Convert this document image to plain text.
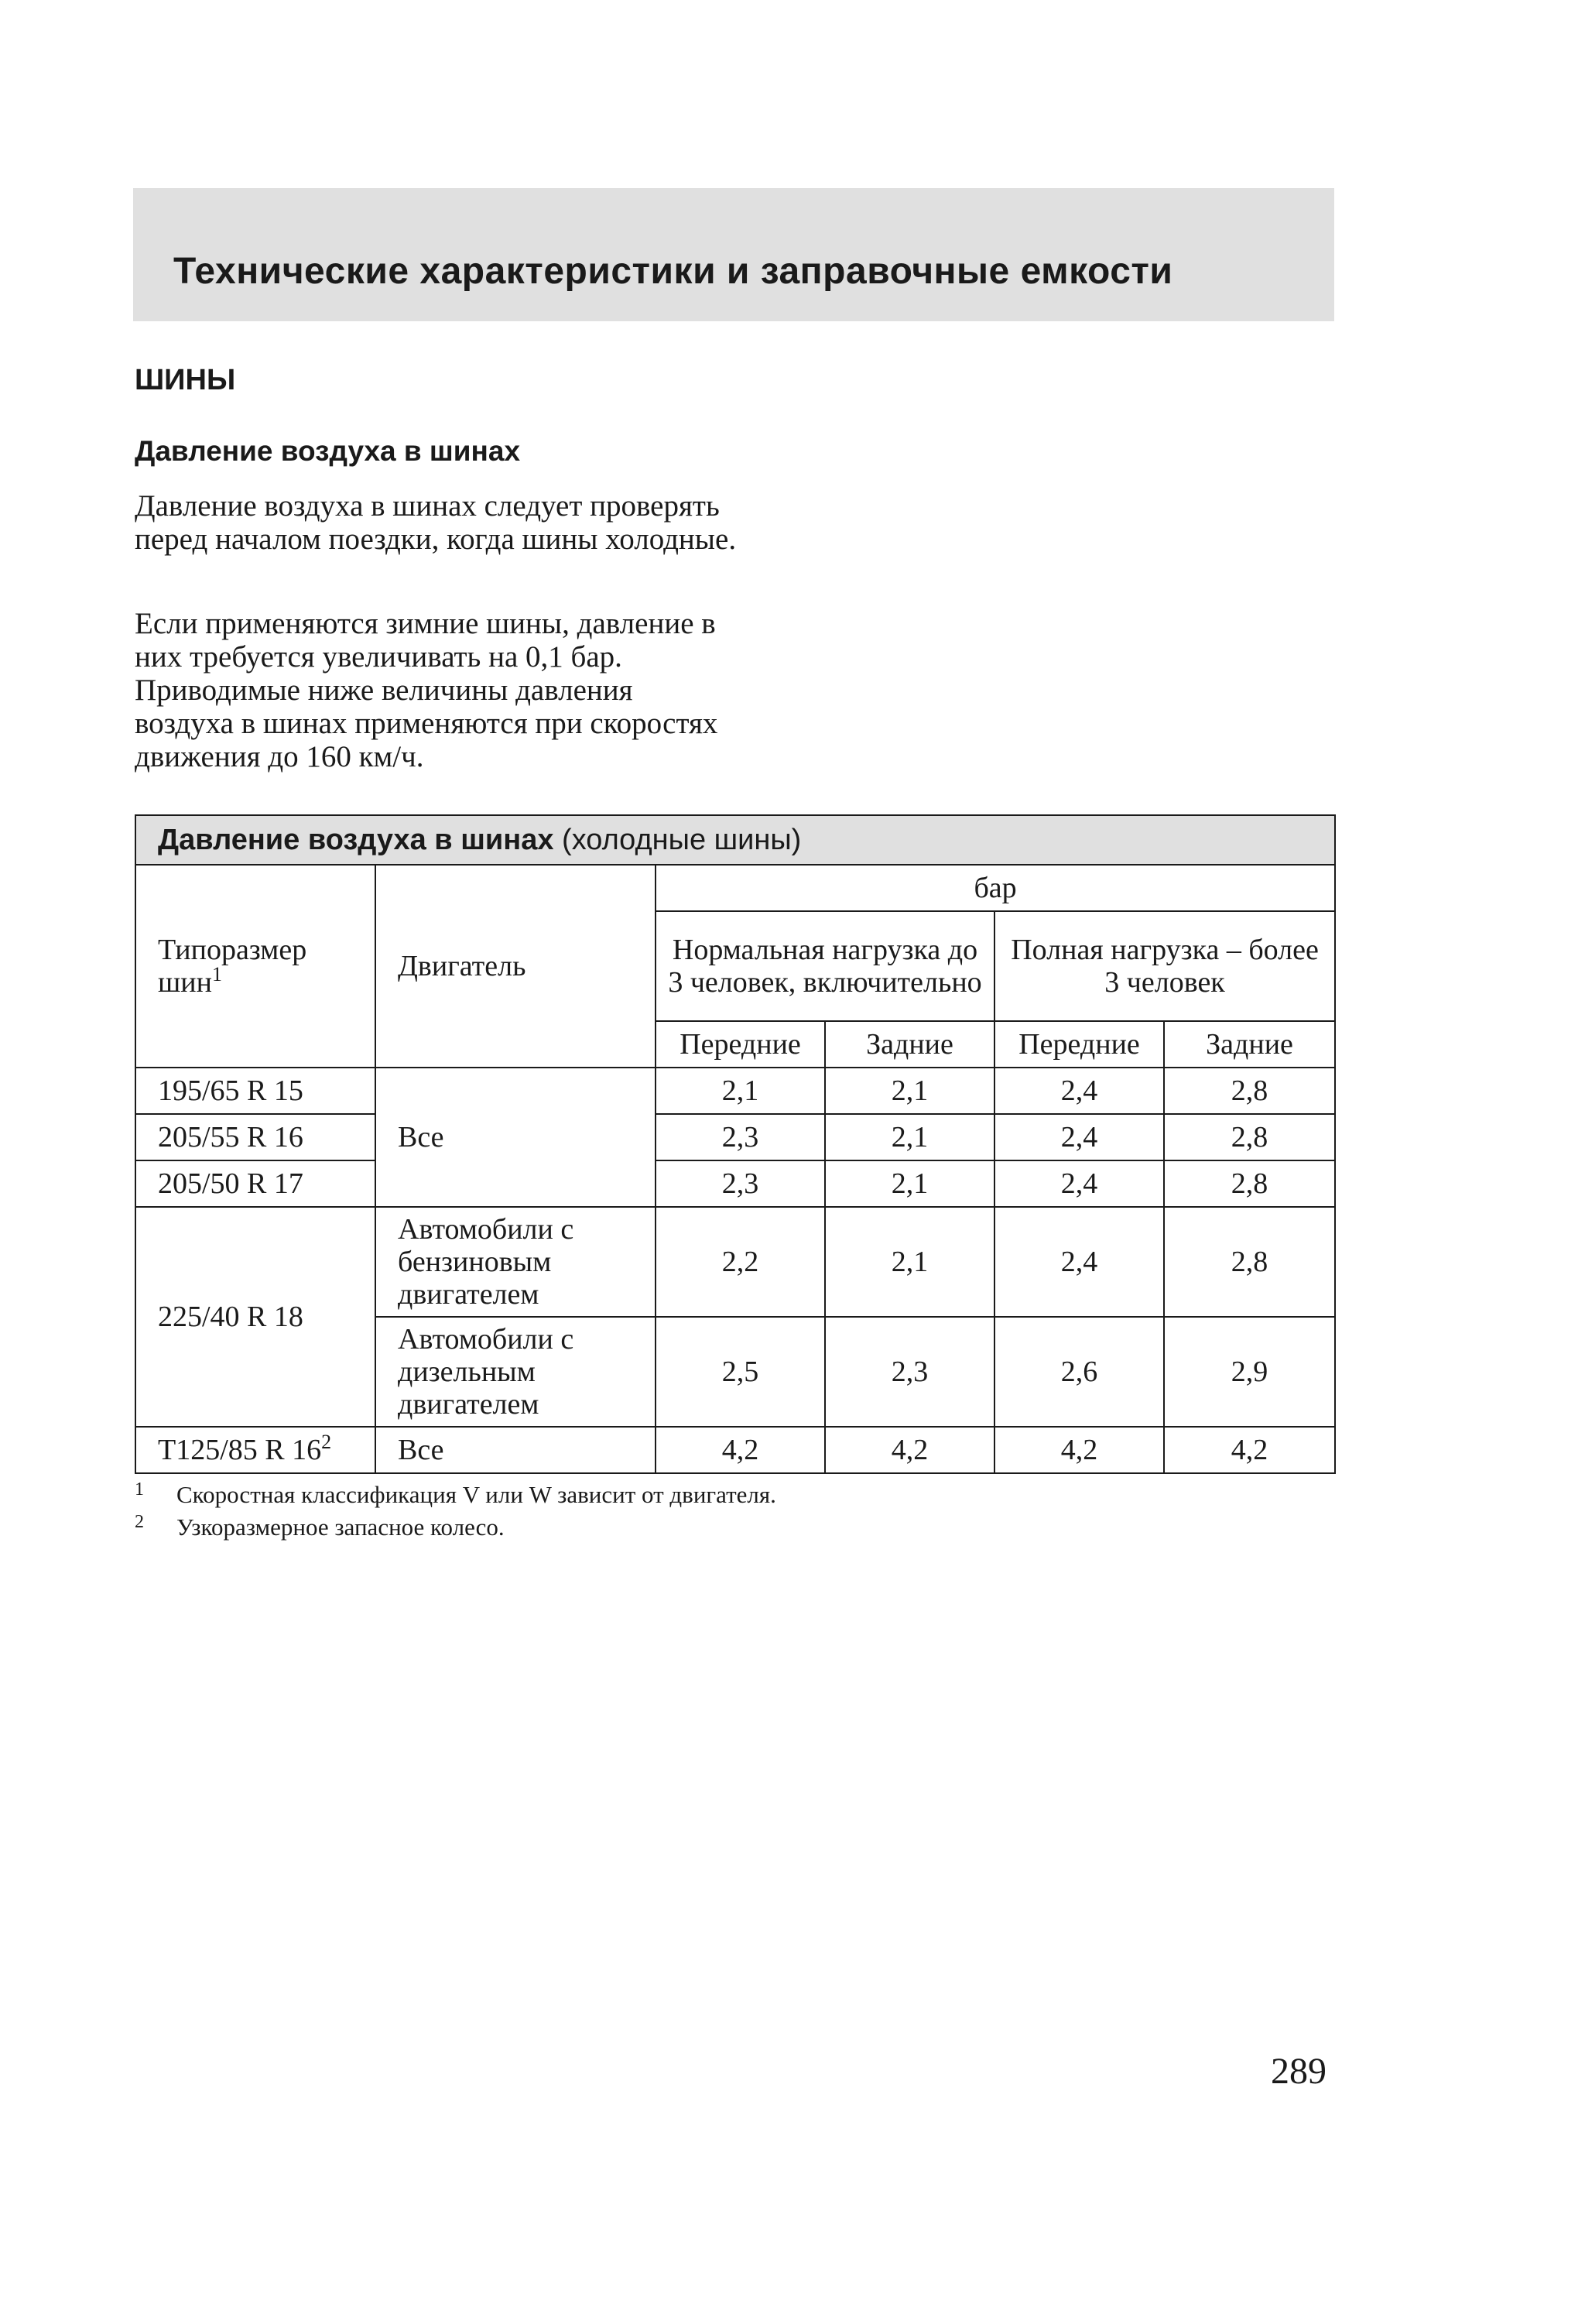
Технические характеристики и заправочные емкости
ШИНЫ
Давление воздуха в шинах
Давление воздуха в шинах следует проверять перед началом поездки, когда шины холодные.
Если применяются зимние шины, давление в них требуется увеличивать на 0,1 бар. Приводимые ниже величины давления воздуха в шинах применяются при скоростях движения до 160 км/ч.
Давление воздуха в шинах (холодные шины)					
Типоразмер шин$^1$	Двигатель	бар			
		Нормальная нагрузка до 3 человек, включительно		Полная нагрузка – более 3 человек	
		Передние	Задние	Передние	Задние
195/65 R 15	Все	2,1	2,1	2,4	2,8
205/55 R 16		2,3	2,1	2,4	2,8
205/50 R 17		2,3	2,1	2,4	2,8
225/40 R 18	Автомобили с бензиновым двигателем	2,2	2,1	2,4	2,8
	Автомобили с дизельным двигателем	2,5	2,3	2,6	2,9
T125/85 R $16^2$	Все	4,2	4,2	4,2	4,2
1 Скоростная классификация V или W зависит от двигателя.
2 Узкоразмерное запасное колесо.
289
